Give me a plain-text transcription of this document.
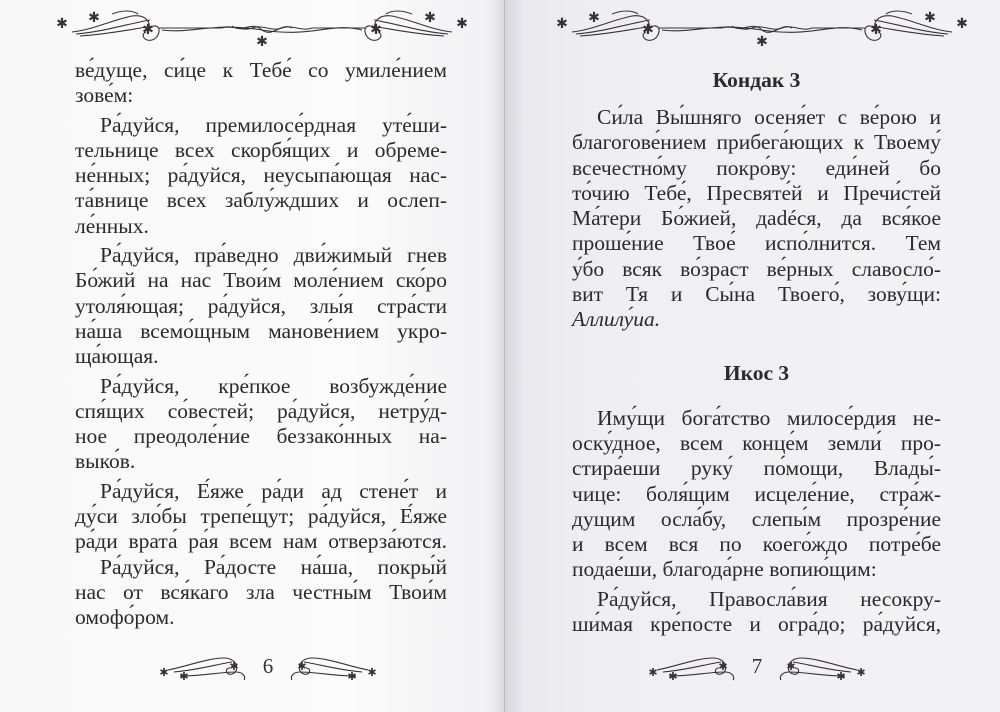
✱ ✱
✱
✱
✱
✱ ✱	✱ ✱
✱
✱
✱
✱ ✱
ве́дуще, си́це к Тебе́ со умиле́нием
зове́м:
Ра́дуйся, премилосе́рдная уте́ши-
тельнице всех скорбя́щих и обреме-
не́нных; ра́дуйся, неусыпа́ющая нас-
та́внице всех заблу́ждших и ослеп-
ле́нных.
Ра́дуйся, пра́ведно дви́жимый гнев
Бо́жий на нас Твои́м моле́нием ско́ро
утоля́ющая; ра́дуйся, злы́я стра́сти
на́ша всемо́щным манове́нием укро-
ща́ющая.
Ра́дуйся, кре́пкое возбужде́ние
спя́щих со́вестей; ра́дуйся, нетру́д-
ное преодоле́ние беззако́нных на-
выко́в.
Ра́дуйся, Е́яже ра́ди ад стене́т и
ду́си зло́бы трепе́щут; ра́дуйся, Е́яже
ра́ди врата́ ра́я всем нам отверза́ются.
Ра́дуйся, Ра́досте на́ша, покры́й
нас от вся́каго зла честны́м Твои́м
омофо́ром.
Кондак 3
Си́ла Вы́шняго осеня́ет с ве́рою и
благогове́нием прибега́ющих к Твоему́
всечестно́му покро́ву: еди́ней бо
то́чию Тебе́, Пресвяте́й и Пречи́стей
Ма́тери Бо́жией, дadéся, да вся́кое
проше́ние Твое́ испо́лнится. Тем
у́бо всяк во́зраст ве́рных славосло́-
вит Тя и Сы́на Твоего́, зову́щи:
Аллилу́иа.
Икос 3
Иму́щи бога́тство милосе́рдия не-
оску́дное, всем конце́м земли́ про-
стира́еши руку́ по́мощи, Влады́-
чице: боля́щим исцеле́ние, стра́ж-
дущим осла́бу, слепы́м прозре́ние
и всем вся по коего́ждо потре́бе
подае́ши, благода́рне вопию́щим:
Ра́дуйся, Правосла́вия несокру-
ши́мая кре́посте и огра́до; ра́дуйся,
✱ ✱
✱	6	✱
✱
✱	✱ ✱
✱	7	✱
✱
✱
